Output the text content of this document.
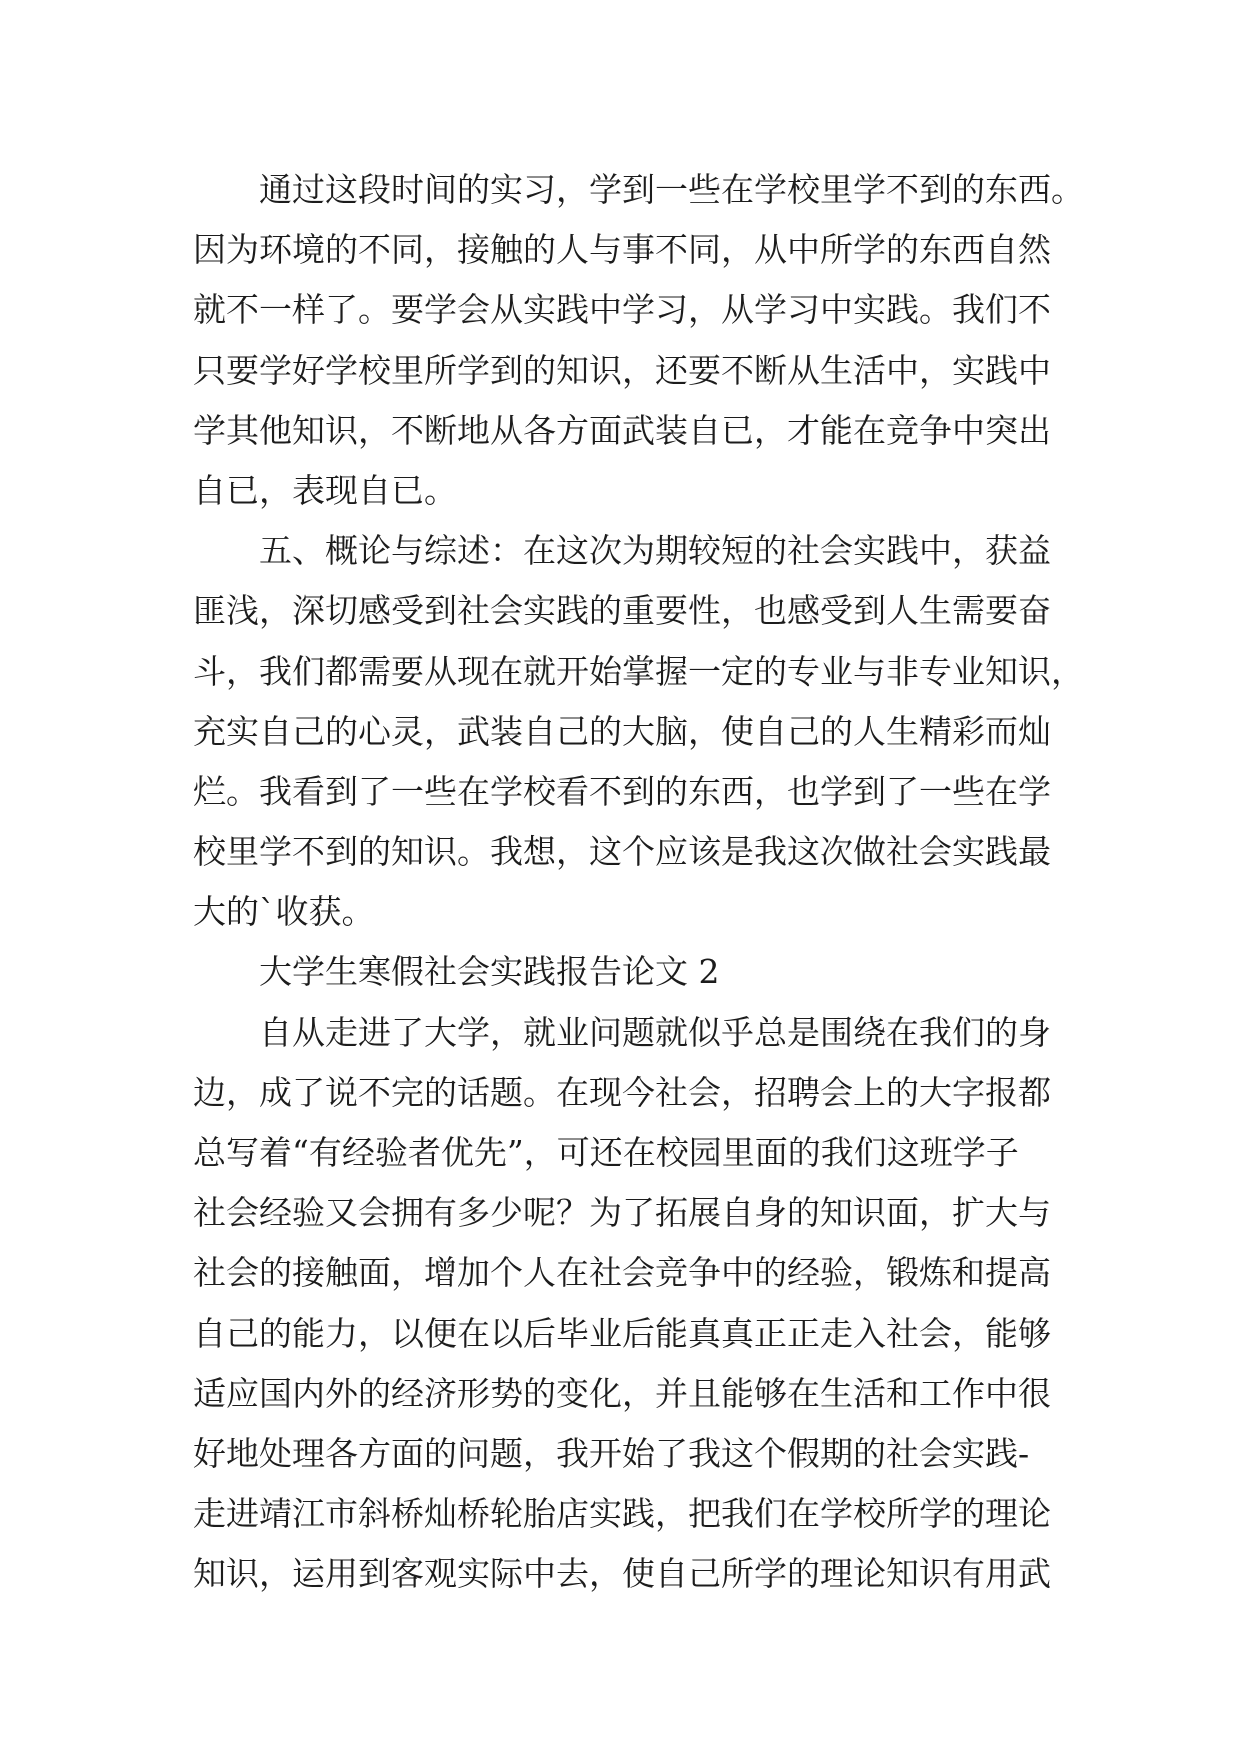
通过这段时间的实习，学到一些在学校里学不到的东西。
因为环境的不同，接触的人与事不同，从中所学的东西自然
就不一样了。要学会从实践中学习，从学习中实践。我们不
只要学好学校里所学到的知识，还要不断从生活中，实践中
学其他知识，不断地从各方面武装自已，才能在竞争中突出
自已，表现自已。
五、概论与综述：在这次为期较短的社会实践中，获益
匪浅，深切感受到社会实践的重要性，也感受到人生需要奋
斗，我们都需要从现在就开始掌握一定的专业与非专业知识，
充实自己的心灵，武装自己的大脑，使自己的人生精彩而灿
烂。我看到了一些在学校看不到的东西，也学到了一些在学
校里学不到的知识。我想，这个应该是我这次做社会实践最
大的`收获。
大学生寒假社会实践报告论文 2
自从走进了大学，就业问题就似乎总是围绕在我们的身
边，成了说不完的话题。在现今社会，招聘会上的大字报都
总写着“有经验者优先”，可还在校园里面的我们这班学子
社会经验又会拥有多少呢？为了拓展自身的知识面，扩大与
社会的接触面，增加个人在社会竞争中的经验，锻炼和提高
自己的能力，以便在以后毕业后能真真正正走入社会，能够
适应国内外的经济形势的变化，并且能够在生活和工作中很
好地处理各方面的问题，我开始了我这个假期的社会实践-
走进靖江市斜桥灿桥轮胎店实践，把我们在学校所学的理论
知识，运用到客观实际中去，使自己所学的理论知识有用武
